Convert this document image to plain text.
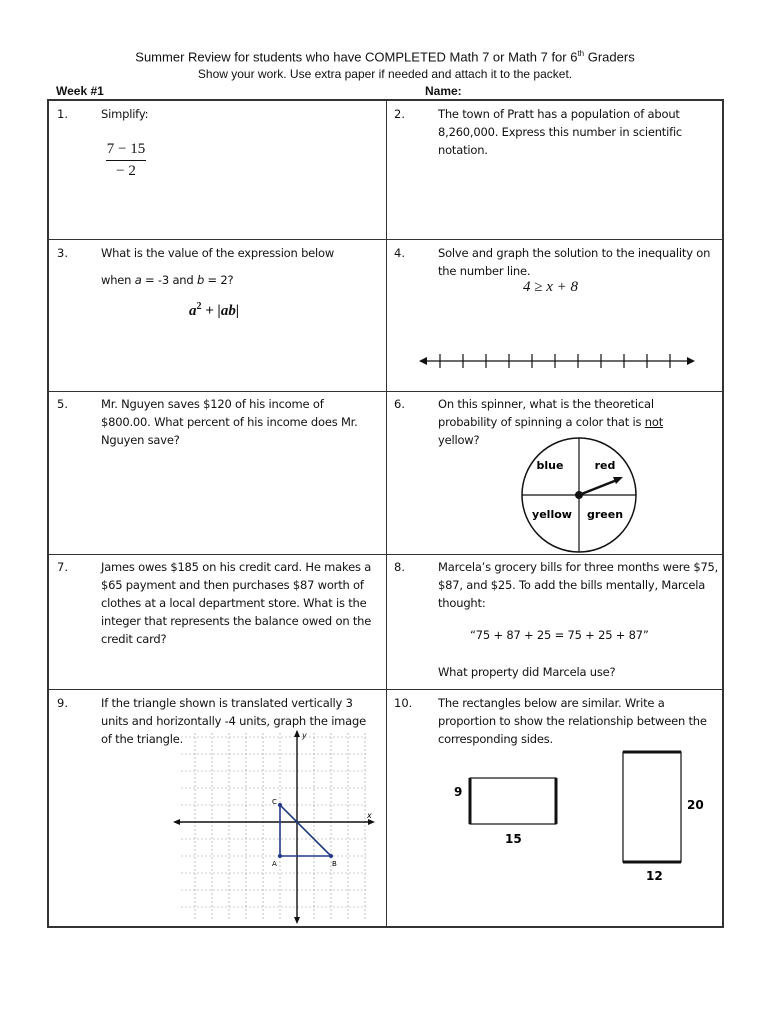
Summer Review for students who have COMPLETED Math 7 or Math 7 for 6th Graders
Show your work. Use extra paper if needed and attach it to the packet.
Week #1	Name:
1.	Simplify:
$\frac{7 - 15}{- 2}$
2.	The town of Pratt has a population of about 8,260,000. Express this number in scientific notation.
3.	What is the value of the expression below
when a = -3 and b = 2?
$a^2 + |ab|$
4.	Solve and graph the solution to the inequality on the number line.
4 ≥ x + 8
5.	Mr. Nguyen saves $120 of his income of $800.00. What percent of his income does Mr. Nguyen save?
6.	On this spinner, what is the theoretical probability of spinning a color that is not yellow?
blue	red
yellow green
7.	James owes $185 on his credit card. He makes a $65 payment and then purchases $87 worth of clothes at a local department store. What is the integer that represents the balance owed on the credit card?
8.	Marcela’s grocery bills for three months were $75, $87, and $25. To add the bills mentally, Marcela thought:
“75 + 87 + 25 = 75 + 25 + 87”
What property did Marcela use?
9.	If the triangle shown is translated vertically 3 units and horizontally -4 units, graph the image of the triangle.
x
y
C
A	B
10. The rectangles below are similar. Write a proportion to show the relationship between the corresponding sides.
9
15
20
12
